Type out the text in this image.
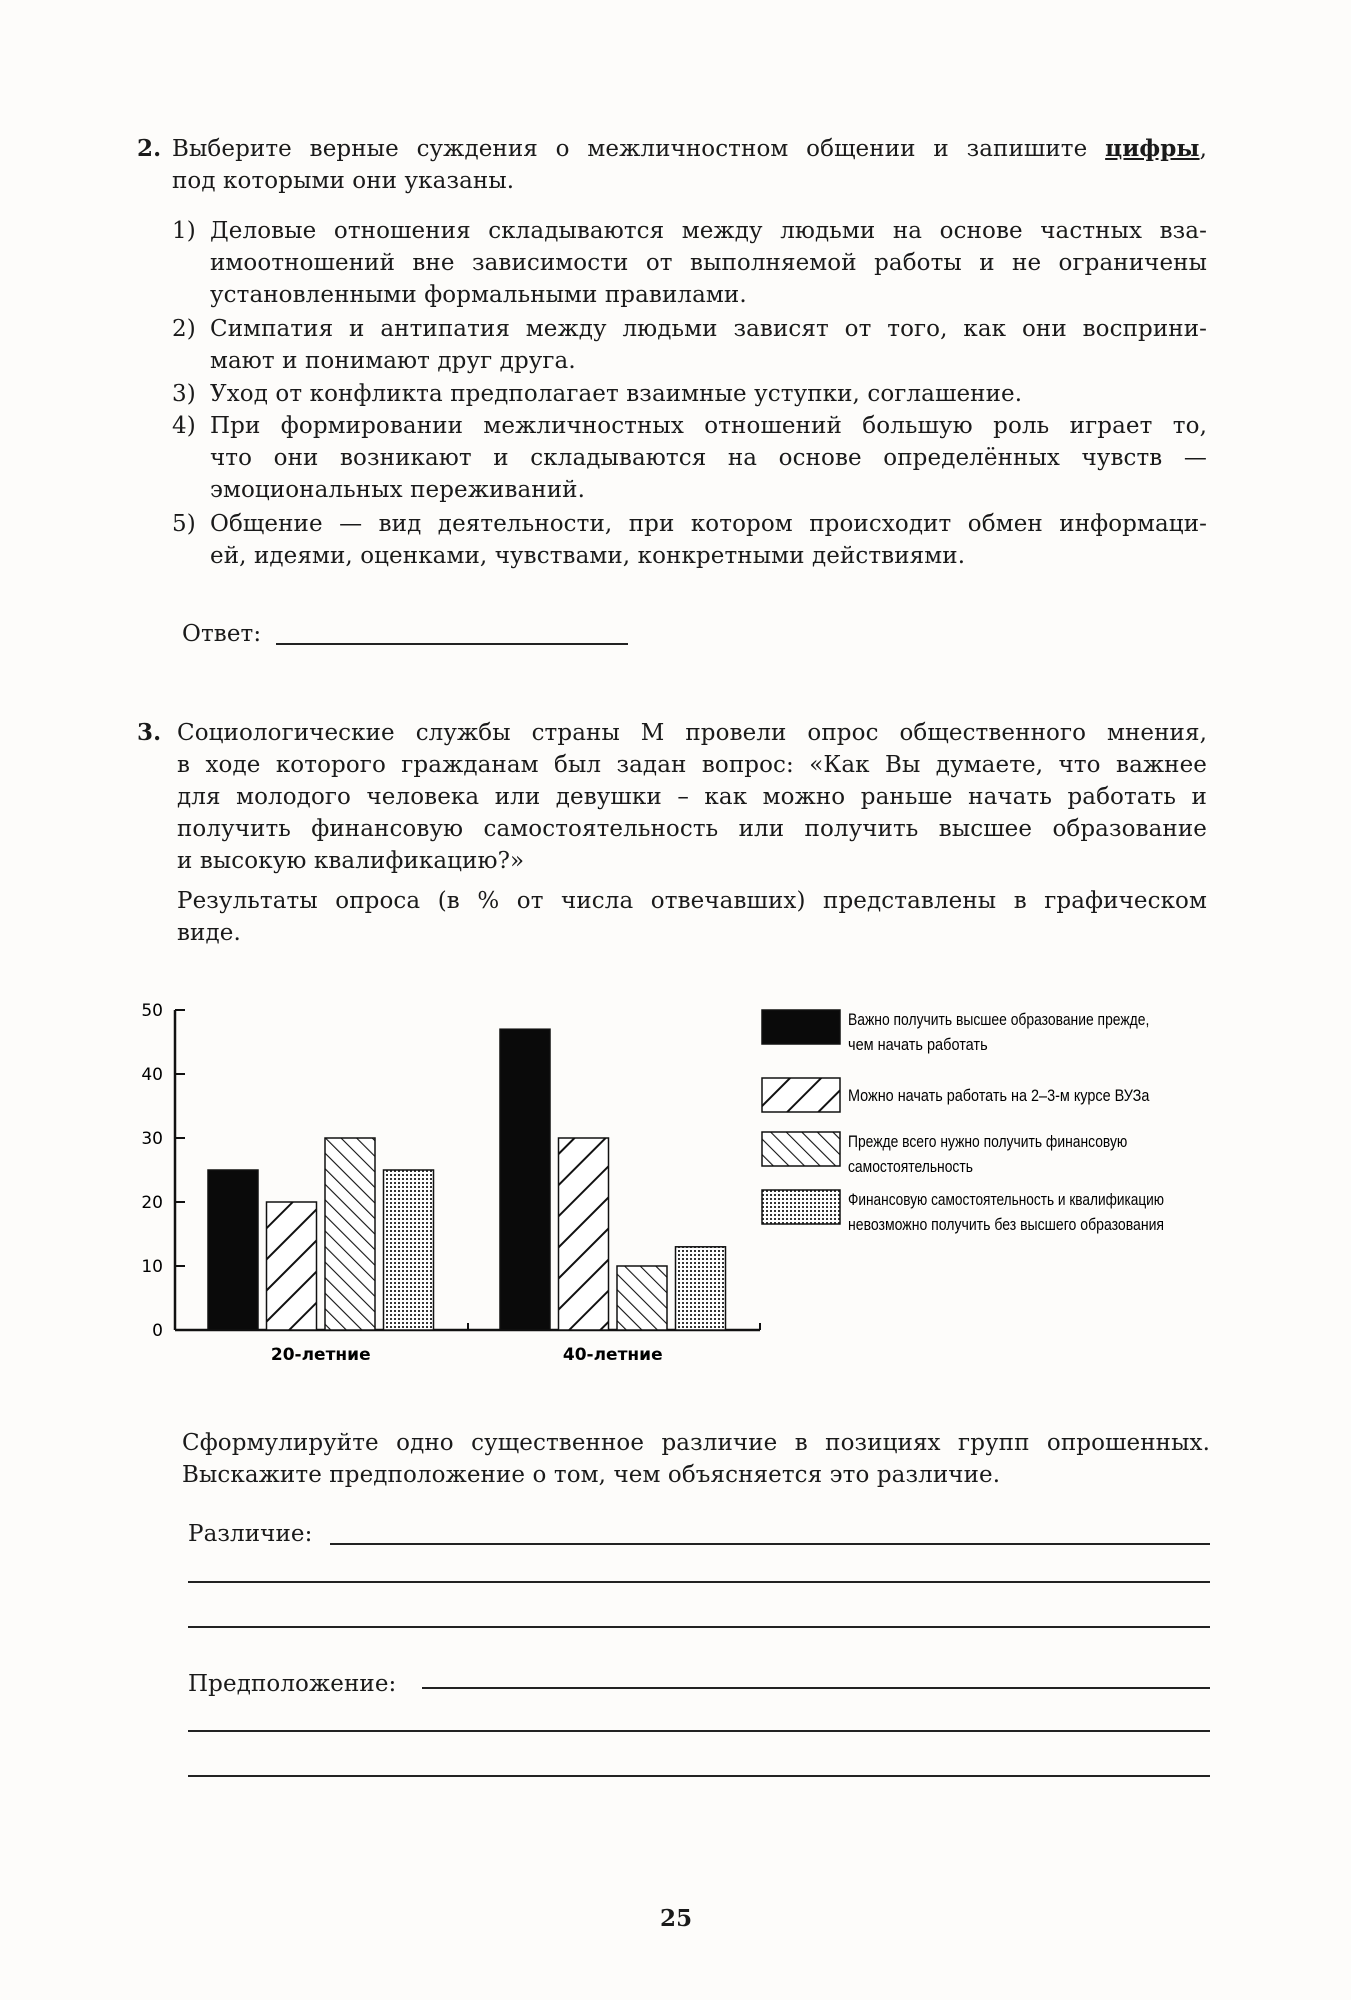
2. Выберите верные суждения о межличностном общении и запишите цифры,
под которыми они указаны.
1) Деловые отношения складываются между людьми на основе частных вза-
имоотношений вне зависимости от выполняемой работы и не ограничены
установленными формальными правилами.
2) Симпатия и антипатия между людьми зависят от того, как они восприни-
мают и понимают друг друга.
3) Уход от конфликта предполагает взаимные уступки, соглашение.
4) При формировании межличностных отношений большую роль играет то,
что они возникают и складываются на основе определённых чувств —
эмоциональных переживаний.
5) Общение — вид деятельности, при котором происходит обмен информаци-
ей, идеями, оценками, чувствами, конкретными действиями.
Ответ:
3. Социологические службы страны М провели опрос общественного мнения,
в ходе которого гражданам был задан вопрос: «Как Вы думаете, что важнее
для молодого человека или девушки – как можно раньше начать работать и
получить финансовую самостоятельность или получить высшее образование
и высокую квалификацию?»
Результаты опроса (в % от числа отвечавших) представлены в графическом
виде.
0
10
20
30
40
50
20-летние	40-летние
Важно получить высшее образование прежде,
чем начать работать
Можно начать работать на 2–3-м курсе ВУЗа
Прежде всего нужно получить финансовую
самостоятельность
Финансовую самостоятельность и квалификацию
невозможно получить без высшего образования
Сформулируйте одно существенное различие в позициях групп опрошенных.
Выскажите предположение о том, чем объясняется это различие.
Различие:
Предположение:
25
